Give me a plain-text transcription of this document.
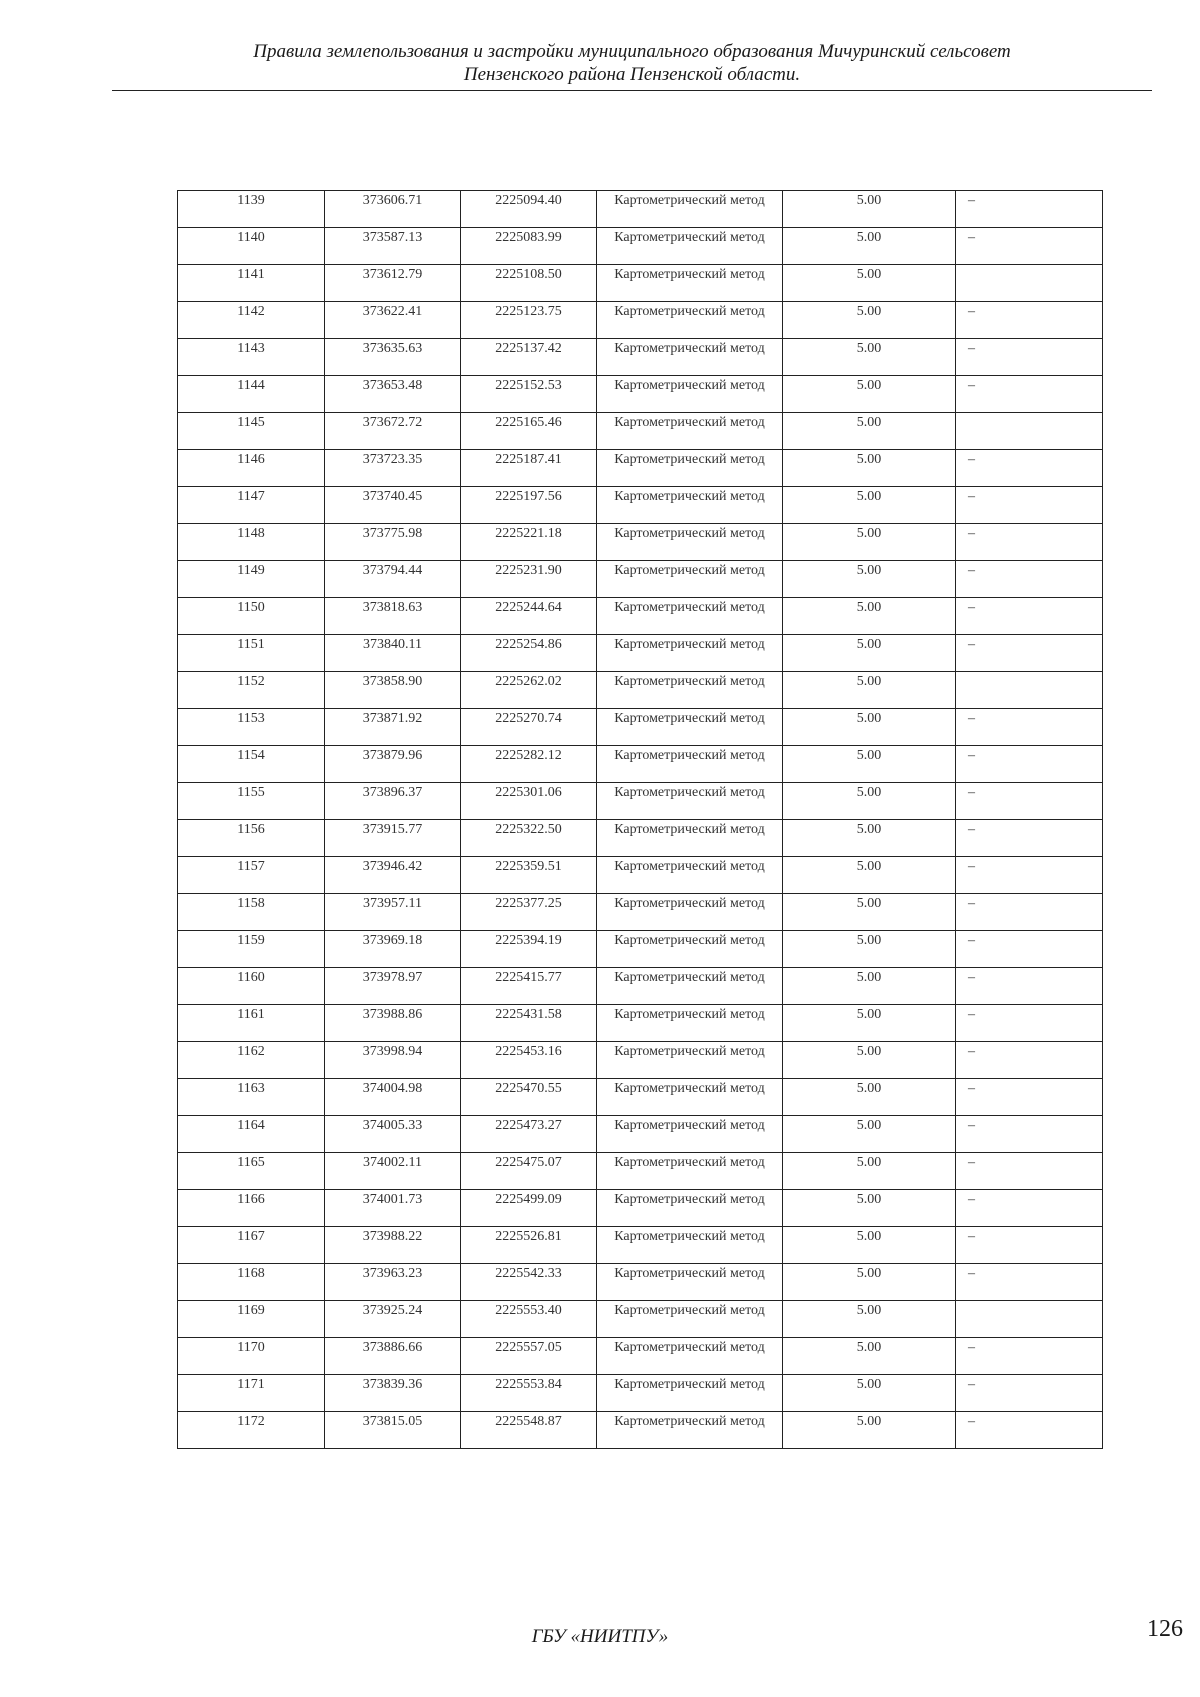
Правила землепользования и застройки муниципального образования Мичуринский сельсовет
Пензенского района Пензенской области.
1139	373606.71	2225094.40	Картометрический метод	5.00	–
1140	373587.13	2225083.99	Картометрический метод	5.00	–
1141	373612.79	2225108.50	Картометрический метод	5.00	
1142	373622.41	2225123.75	Картометрический метод	5.00	–
1143	373635.63	2225137.42	Картометрический метод	5.00	–
1144	373653.48	2225152.53	Картометрический метод	5.00	–
1145	373672.72	2225165.46	Картометрический метод	5.00	
1146	373723.35	2225187.41	Картометрический метод	5.00	–
1147	373740.45	2225197.56	Картометрический метод	5.00	–
1148	373775.98	2225221.18	Картометрический метод	5.00	–
1149	373794.44	2225231.90	Картометрический метод	5.00	–
1150	373818.63	2225244.64	Картометрический метод	5.00	–
1151	373840.11	2225254.86	Картометрический метод	5.00	–
1152	373858.90	2225262.02	Картометрический метод	5.00	
1153	373871.92	2225270.74	Картометрический метод	5.00	–
1154	373879.96	2225282.12	Картометрический метод	5.00	–
1155	373896.37	2225301.06	Картометрический метод	5.00	–
1156	373915.77	2225322.50	Картометрический метод	5.00	–
1157	373946.42	2225359.51	Картометрический метод	5.00	–
1158	373957.11	2225377.25	Картометрический метод	5.00	–
1159	373969.18	2225394.19	Картометрический метод	5.00	–
1160	373978.97	2225415.77	Картометрический метод	5.00	–
1161	373988.86	2225431.58	Картометрический метод	5.00	–
1162	373998.94	2225453.16	Картометрический метод	5.00	–
1163	374004.98	2225470.55	Картометрический метод	5.00	–
1164	374005.33	2225473.27	Картометрический метод	5.00	–
1165	374002.11	2225475.07	Картометрический метод	5.00	–
1166	374001.73	2225499.09	Картометрический метод	5.00	–
1167	373988.22	2225526.81	Картометрический метод	5.00	–
1168	373963.23	2225542.33	Картометрический метод	5.00	–
1169	373925.24	2225553.40	Картометрический метод	5.00	
1170	373886.66	2225557.05	Картометрический метод	5.00	–
1171	373839.36	2225553.84	Картометрический метод	5.00	–
1172	373815.05	2225548.87	Картометрический метод	5.00	–
ГБУ «НИИТПУ»	126
